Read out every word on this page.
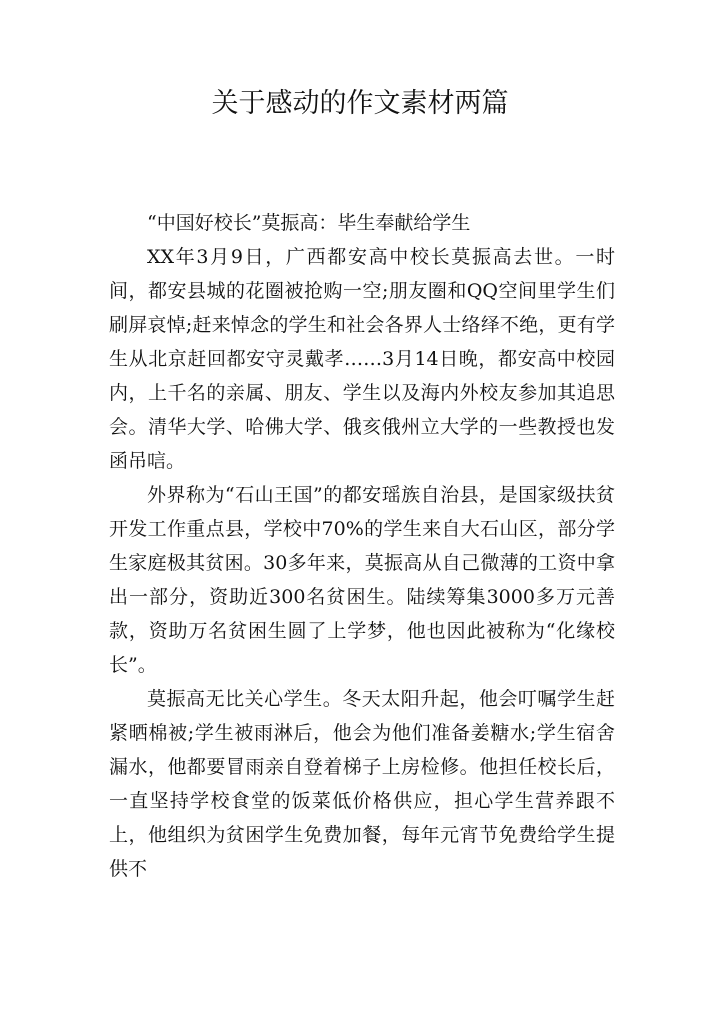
关于感动的作文素材两篇

“中国好校长”莫振高：毕生奉献给学生

XX年3月9日，广西都安高中校长莫振高去世。一时间，都安县城的花圈被抢购一空;朋友圈和QQ空间里学生们刷屏哀悼;赶来悼念的学生和社会各界人士络绎不绝，更有学生从北京赶回都安守灵戴孝……3月14日晚，都安高中校园内，上千名的亲属、朋友、学生以及海内外校友参加其追思会。清华大学、哈佛大学、俄亥俄州立大学的一些教授也发函吊唁。

外界称为“石山王国”的都安瑶族自治县，是国家级扶贫开发工作重点县，学校中70%的学生来自大石山区，部分学生家庭极其贫困。30多年来，莫振高从自己微薄的工资中拿出一部分，资助近300名贫困生。陆续筹集3000多万元善款，资助万名贫困生圆了上学梦，他也因此被称为“化缘校长”。

莫振高无比关心学生。冬天太阳升起，他会叮嘱学生赶紧晒棉被;学生被雨淋后，他会为他们准备姜糖水;学生宿舍漏水，他都要冒雨亲自登着梯子上房检修。他担任校长后，一直坚持学校食堂的饭菜低价格供应，担心学生营养跟不上，他组织为贫困学生免费加餐，每年元宵节免费给学生提供不
